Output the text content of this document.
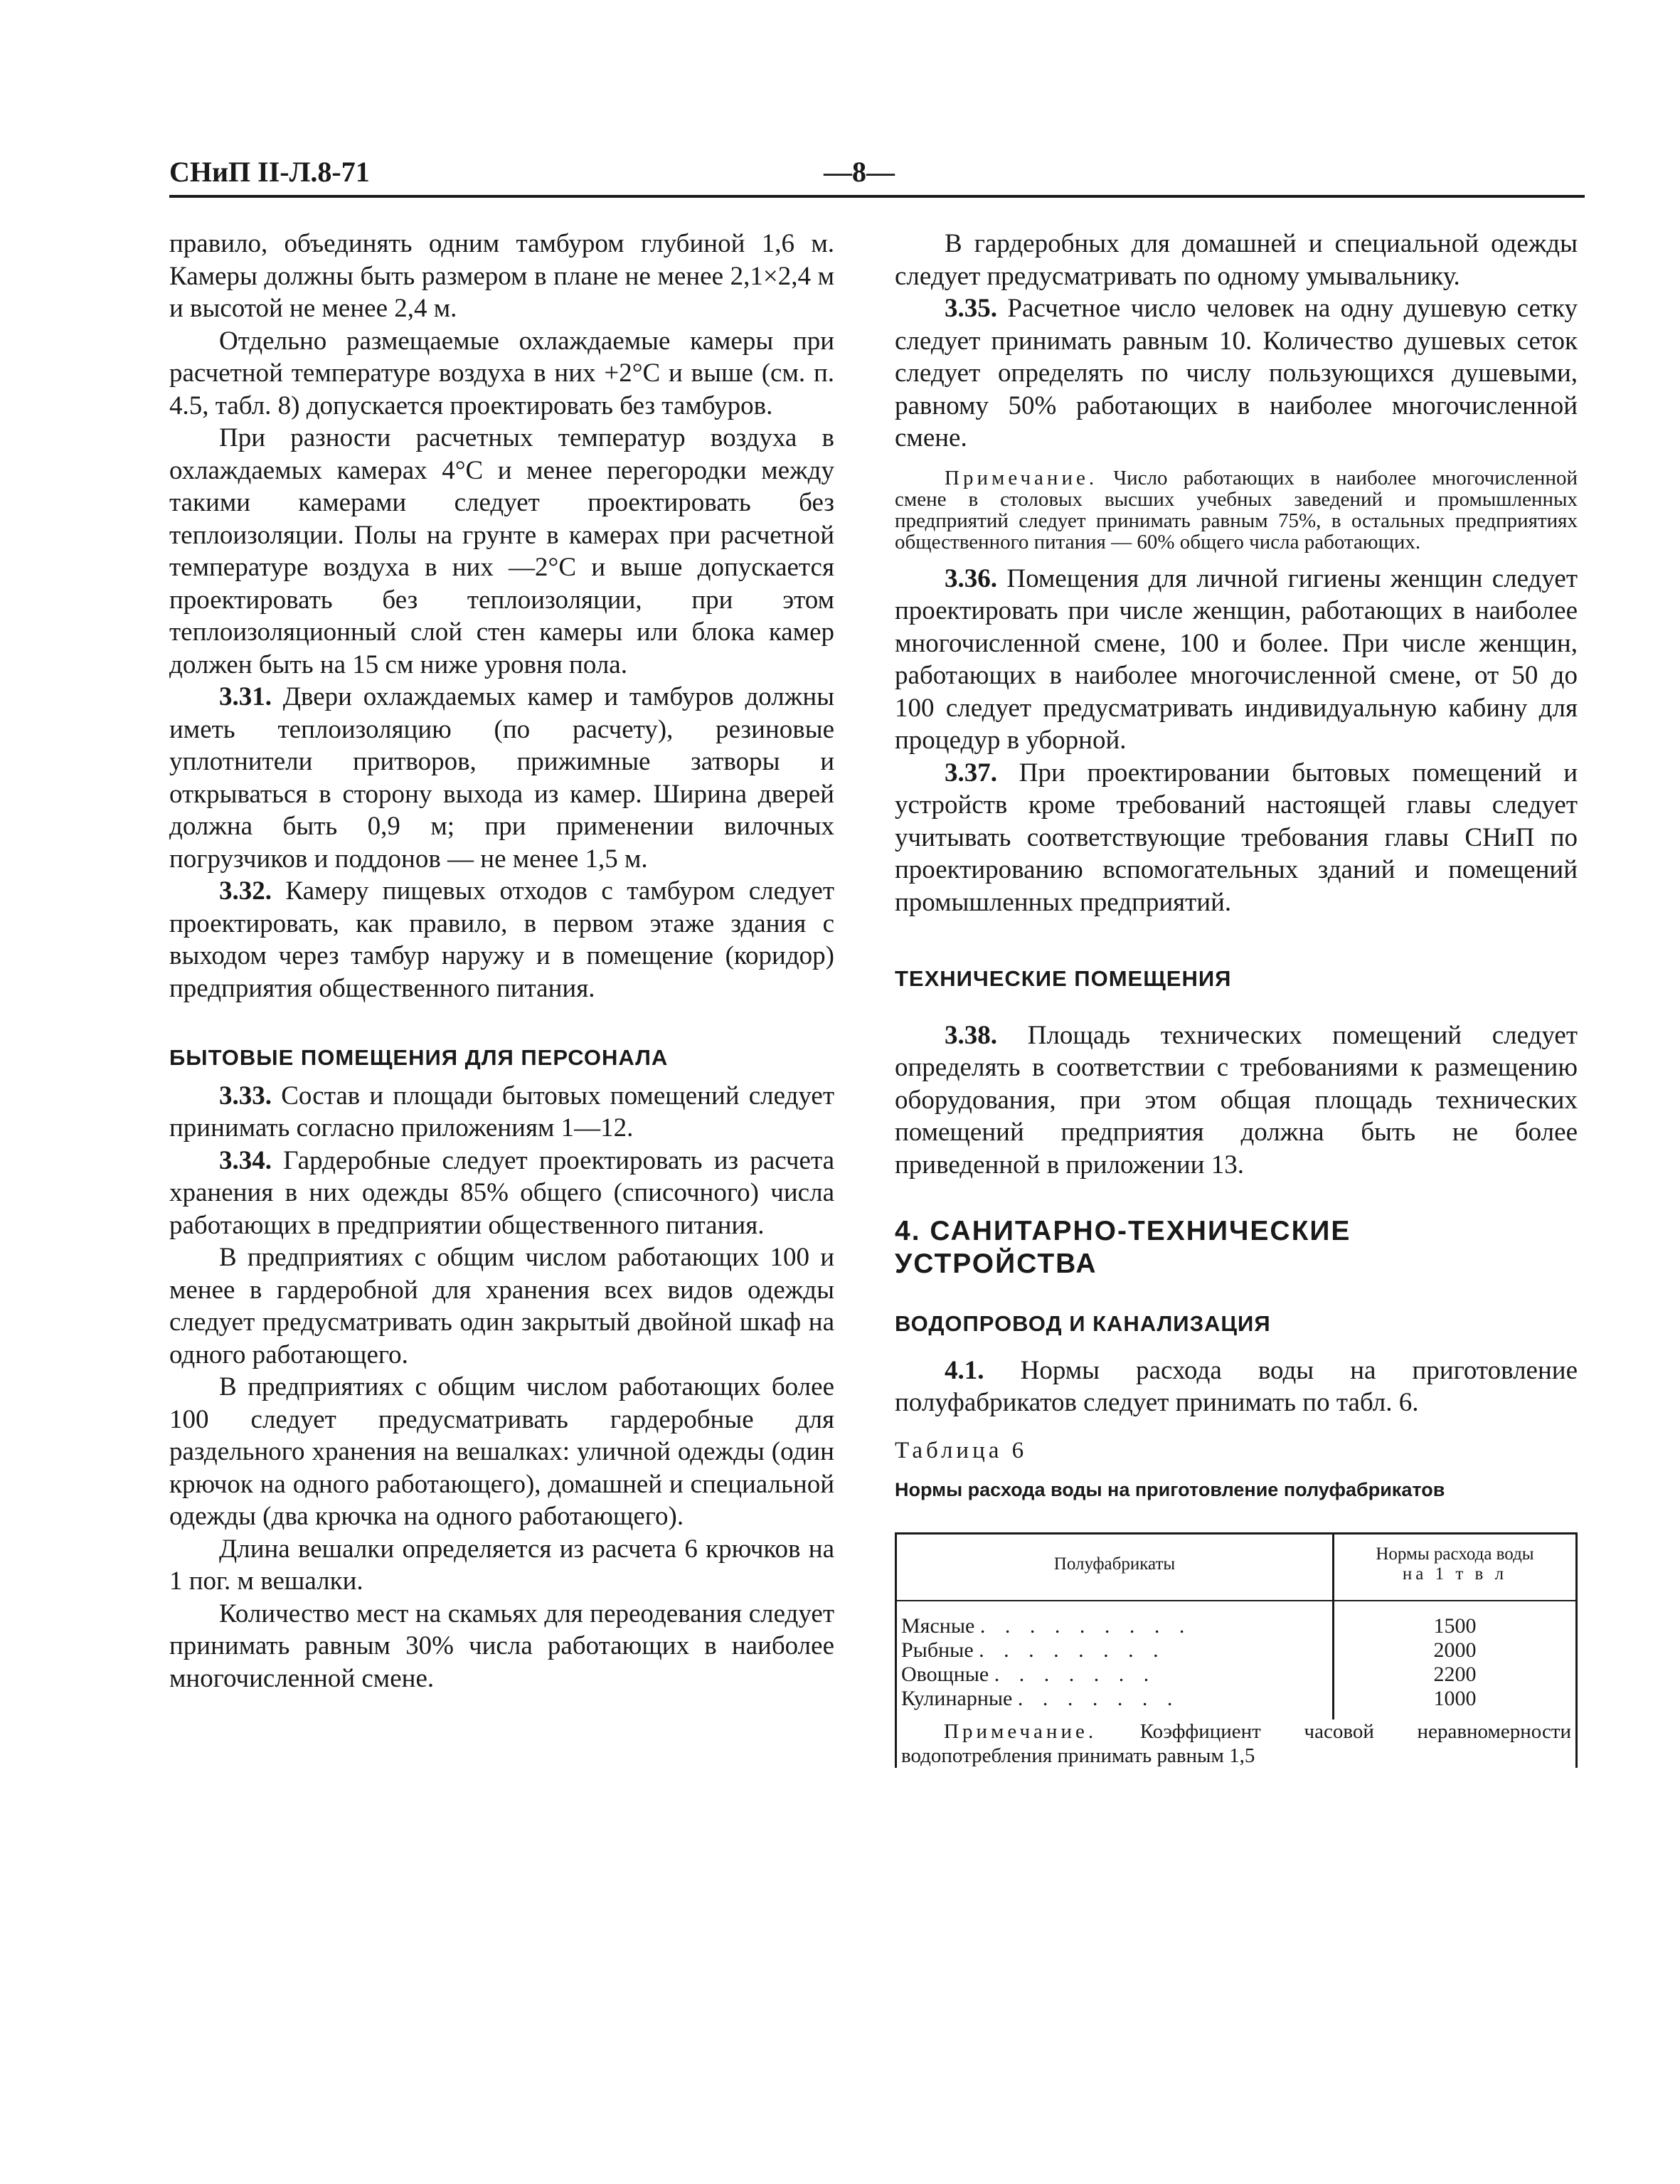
СНиП II-Л.8-71	—8—

правило, объединять одним тамбуром глубиной 1,6 м. Камеры должны быть размером в плане не менее 2,1×2,4 м и высотой не менее 2,4 м.

Отдельно размещаемые охлаждаемые камеры при расчетной температуре воздуха в них +2°С и выше (см. п. 4.5, табл. 8) допускается проектировать без тамбуров.

При разности расчетных температур воздуха в охлаждаемых камерах 4°С и менее перегородки между такими камерами следует проектировать без теплоизоляции. Полы на грунте в камерах при расчетной температуре воздуха в них —2°С и выше допускается проектировать без теплоизоляции, при этом теплоизоляционный слой стен камеры или блока камер должен быть на 15 см ниже уровня пола.

3.31. Двери охлаждаемых камер и тамбуров должны иметь теплоизоляцию (по расчету), резиновые уплотнители притворов, прижимные затворы и открываться в сторону выхода из камер. Ширина дверей должна быть 0,9 м; при применении вилочных погрузчиков и поддонов — не менее 1,5 м.

3.32. Камеру пищевых отходов с тамбуром следует проектировать, как правило, в первом этаже здания с выходом через тамбур наружу и в помещение (коридор) предприятия общественного питания.

БЫТОВЫЕ ПОМЕЩЕНИЯ ДЛЯ ПЕРСОНАЛА

3.33. Состав и площади бытовых помещений следует принимать согласно приложениям 1—12.

3.34. Гардеробные следует проектировать из расчета хранения в них одежды 85% общего (списочного) числа работающих в предприятии общественного питания.

В предприятиях с общим числом работающих 100 и менее в гардеробной для хранения всех видов одежды следует предусматривать один закрытый двойной шкаф на одного работающего.

В предприятиях с общим числом работающих более 100 следует предусматривать гардеробные для раздельного хранения на вешалках: уличной одежды (один крючок на одного работающего), домашней и специальной одежды (два крючка на одного работающего).

Длина вешалки определяется из расчета 6 крючков на 1 пог. м вешалки.

Количество мест на скамьях для переодевания следует принимать равным 30% числа работающих в наиболее многочисленной смене.

В гардеробных для домашней и специальной одежды следует предусматривать по одному умывальнику.

3.35. Расчетное число человек на одну душевую сетку следует принимать равным 10. Количество душевых сеток следует определять по числу пользующихся душевыми, равному 50% работающих в наиболее многочисленной смене.

Примечание. Число работающих в наиболее многочисленной смене в столовых высших учебных заведений и промышленных предприятий следует принимать равным 75%, в остальных предприятиях общественного питания — 60% общего числа работающих.

3.36. Помещения для личной гигиены женщин следует проектировать при числе женщин, работающих в наиболее многочисленной смене, 100 и более. При числе женщин, работающих в наиболее многочисленной смене, от 50 до 100 следует предусматривать индивидуальную кабину для процедур в уборной.

3.37. При проектировании бытовых помещений и устройств кроме требований настоящей главы следует учитывать соответствующие требования главы СНиП по проектированию вспомогательных зданий и помещений промышленных предприятий.

ТЕХНИЧЕСКИЕ ПОМЕЩЕНИЯ

3.38. Площадь технических помещений следует определять в соответствии с требованиями к размещению оборудования, при этом общая площадь технических помещений предприятия должна быть не более приведенной в приложении 13.

4. САНИТАРНО-ТЕХНИЧЕСКИЕ

УСТРОЙСТВА

ВОДОПРОВОД И КАНАЛИЗАЦИЯ

4.1. Нормы расхода воды на приготовление полуфабрикатов следует принимать по табл. 6.

Таблица 6

Нормы расхода воды на приготовление полуфабрикатов

Полуфабрикаты	Нормы расхода воды
на 1 т в л
Мясные . . . . . . . . .	1500
Рыбные . . . . . . . .	2000
Овощные . . . . . . .	2200
Кулинарные . . . . . . .	1000
Примечание. Коэффициент часовой неравномерности водопотребления принимать равным 1,5	
